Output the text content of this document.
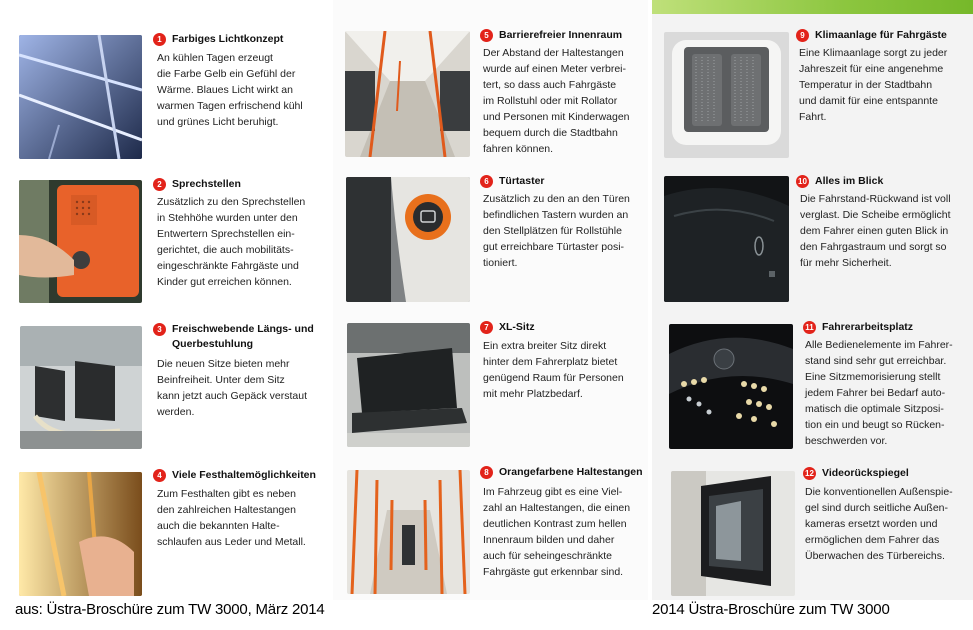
1 Farbiges Lichtkonzept
An kühlen Tagen erzeugt
die Farbe Gelb ein Gefühl der
Wärme. Blaues Licht wirkt an
warmen Tagen erfrischend kühl
und grünes Licht beruhigt.
2 Sprechstellen
Zusätzlich zu den Sprechstellen
in Stehhöhe wurden unter den
Entwertern Sprechstellen ein-
gerichtet, die auch mobilitäts-
eingeschränkte Fahrgäste und
Kinder gut erreichen können.
3 Freischwebende Längs- und
Querbestuhlung
Die neuen Sitze bieten mehr
Beinfreiheit. Unter dem Sitz
kann jetzt auch Gepäck verstaut
werden.
4 Viele Festhaltemöglichkeiten
Zum Festhalten gibt es neben
den zahlreichen Haltestangen
auch die bekannten Halte-
schlaufen aus Leder und Metall.
5 Barrierefreier Innenraum
Der Abstand der Haltestangen
wurde auf einen Meter verbrei-
tert, so dass auch Fahrgäste
im Rollstuhl oder mit Rollator
und Personen mit Kinderwagen
bequem durch die Stadtbahn
fahren können.
6 Türtaster
Zusätzlich zu den an den Türen
befindlichen Tastern wurden an
den Stellplätzen für Rollstühle
gut erreichbare Türtaster posi-
tioniert.
7 XL-Sitz
Ein extra breiter Sitz direkt
hinter dem Fahrerplatz bietet
genügend Raum für Personen
mit mehr Platzbedarf.
8 Orangefarbene Haltestangen
Im Fahrzeug gibt es eine Viel-
zahl an Haltestangen, die einen
deutlichen Kontrast zum hellen
Innenraum bilden und daher
auch für seheingeschränkte
Fahrgäste gut erkennbar sind.
9 Klimaanlage für Fahrgäste
Eine Klimaanlage sorgt zu jeder
Jahreszeit für eine angenehme
Temperatur in der Stadtbahn
und damit für eine entspannte
Fahrt.
10 Alles im Blick
Die Fahrstand-Rückwand ist voll
verglast. Die Scheibe ermöglicht
dem Fahrer einen guten Blick in
den Fahrgastraum und sorgt so
für mehr Sicherheit.
11 Fahrerarbeitsplatz
Alle Bedienelemente im Fahrer-
stand sind sehr gut erreichbar.
Eine Sitzmemorisierung stellt
jedem Fahrer bei Bedarf auto-
matisch die optimale Sitzposi-
tion ein und beugt so Rücken-
beschwerden vor.
12 Videorückspiegel
Die konventionellen Außenspie-
gel sind durch seitliche Außen-
kameras ersetzt worden und
ermöglichen dem Fahrer das
Überwachen des Türbereichs.
aus: Üstra-Broschüre zum TW 3000, März 2014	2014 Üstra-Broschüre zum TW 3000
